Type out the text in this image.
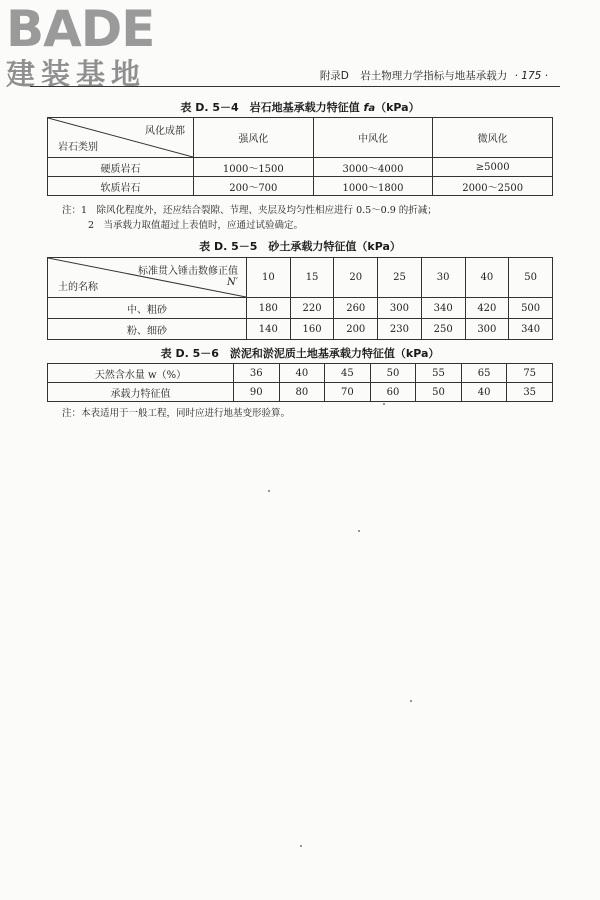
BADE
建装基地	附录D 岩土物理力学指标与地基承载力 · 175 ·
表 D. 5－4　岩石地基承载力特征值 fa（kPa）
风化成都
岩石类别	强风化	中风化	微风化
硬质岩石	1000～1500	3000～4000	≥5000
软质岩石	200～700	1000～1800	2000～2500
注：1　除风化程度外，还应结合裂隙、节理、夹层及均匀性相应进行 0.5～0.9 的折减；
2　当承载力取值超过上表值时，应通过试验确定。
表 D. 5－5　砂土承载力特征值（kPa）
标准贯入锤击数修正值
N′
土的名称	10	15	20	25	30	40	50
中、粗砂	180	220	260	300	340	420	500
粉、细砂	140	160	200	230	250	300	340
表 D. 5－6　淤泥和淤泥质土地基承载力特征值（kPa）
天然含水量 w（%）	36	40	45	50	55	65	75
承载力特征值	90	80	70	60	50	40	35
注：本表适用于一般工程，同时应进行地基变形验算。
